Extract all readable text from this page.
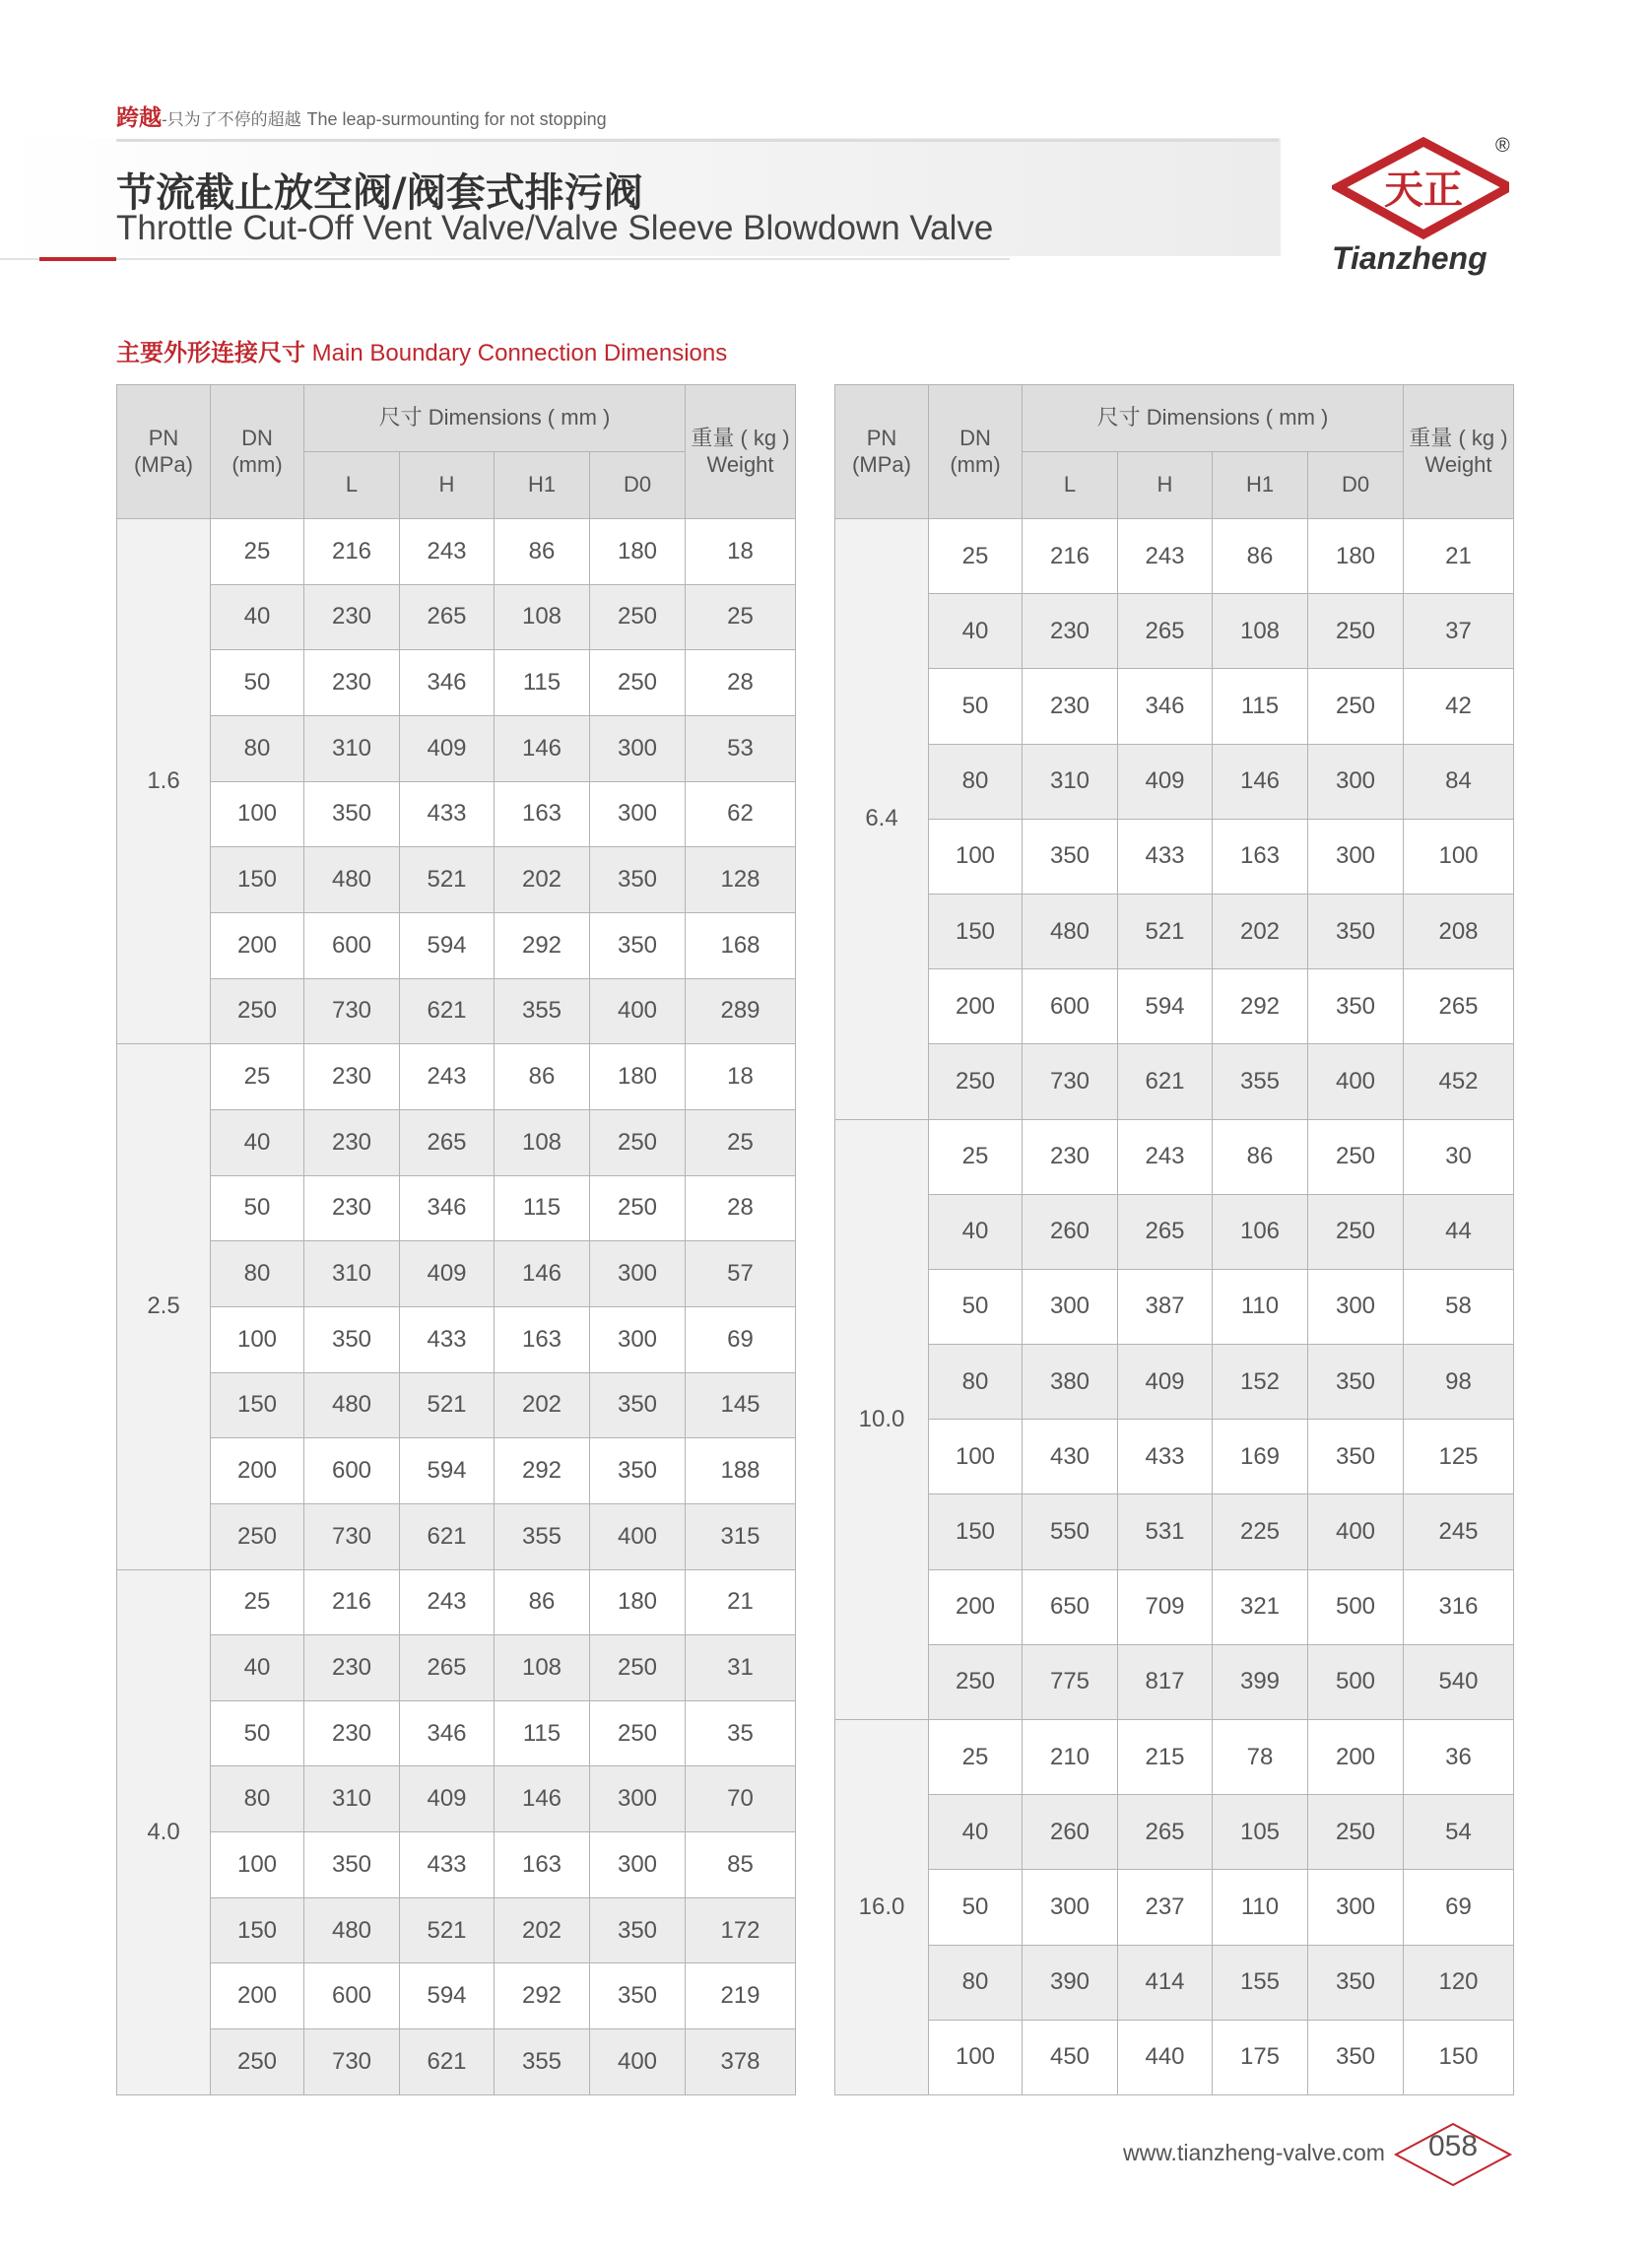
跨越-只为了不停的超越 The leap-surmounting for not stopping
节流截止放空阀/阀套式排污阀
Throttle Cut-Off Vent Valve/Valve Sleeve Blowdown Valve
天正
®
Tianzheng
主要外形连接尺寸 Main Boundary Connection Dimensions
PN
(MPa)	DN
(mm)	尺寸 Dimensions ( mm )				重量 ( kg )
Weight

		L	H	H1	D0	
1.6	25	216	243	86	180	18
	40	230	265	108	250	25
	50	230	346	115	250	28
	80	310	409	146	300	53
	100	350	433	163	300	62
	150	480	521	202	350	128
	200	600	594	292	350	168
	250	730	621	355	400	289
2.5	25	230	243	86	180	18
	40	230	265	108	250	25
	50	230	346	115	250	28
	80	310	409	146	300	57
	100	350	433	163	300	69
	150	480	521	202	350	145
	200	600	594	292	350	188
	250	730	621	355	400	315
4.0	25	216	243	86	180	21
	40	230	265	108	250	31
	50	230	346	115	250	35
	80	310	409	146	300	70
	100	350	433	163	300	85
	150	480	521	202	350	172
	200	600	594	292	350	219
	250	730	621	355	400	378
PN
(MPa)	DN
(mm)	尺寸 Dimensions ( mm )				重量 ( kg )
Weight

		L	H	H1	D0	
6.4	25	216	243	86	180	21
	40	230	265	108	250	37
	50	230	346	115	250	42
	80	310	409	146	300	84
	100	350	433	163	300	100
	150	480	521	202	350	208
	200	600	594	292	350	265
	250	730	621	355	400	452
10.0	25	230	243	86	250	30
	40	260	265	106	250	44
	50	300	387	110	300	58
	80	380	409	152	350	98
	100	430	433	169	350	125
	150	550	531	225	400	245
	200	650	709	321	500	316
	250	775	817	399	500	540
16.0	25	210	215	78	200	36
	40	260	265	105	250	54
	50	300	237	110	300	69
	80	390	414	155	350	120
	100	450	440	175	350	150
www.tianzheng-valve.com	058
